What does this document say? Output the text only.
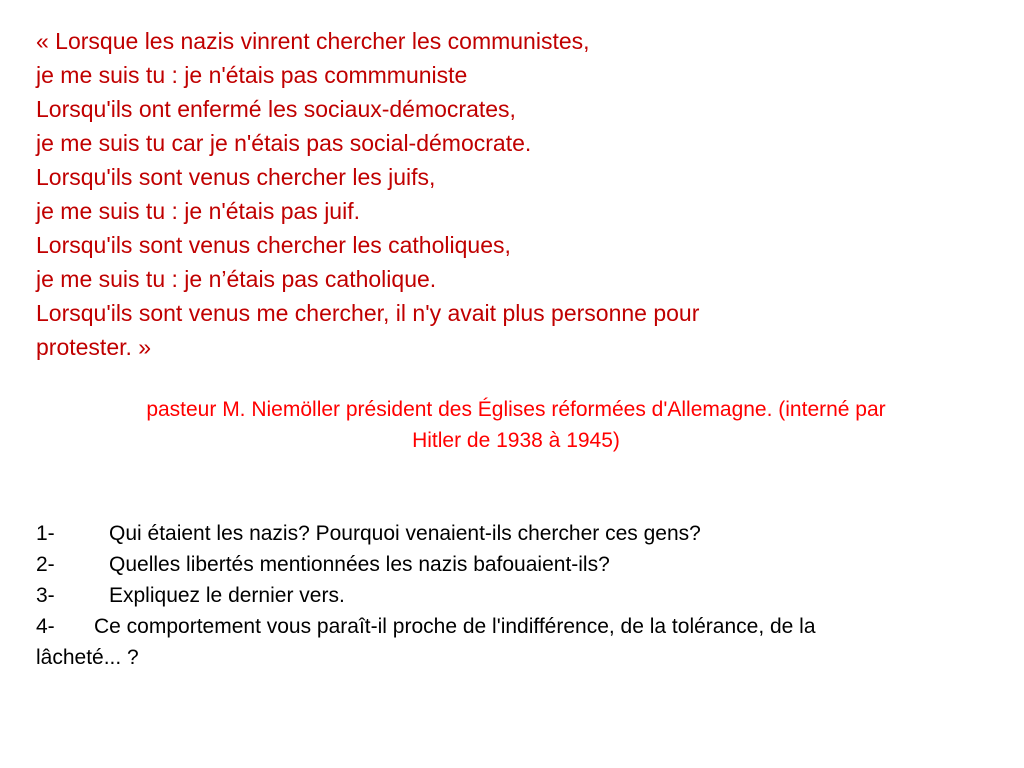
« Lorsque les nazis vinrent chercher les communistes,
je me suis tu : je n'étais pas commmuniste
Lorsqu'ils ont enfermé les sociaux-démocrates,
je me suis tu car je n'étais pas social-démocrate.
Lorsqu'ils sont venus chercher les juifs,
je me suis tu : je n'étais pas juif.
Lorsqu'ils sont venus chercher les catholiques,
je me suis tu : je n’étais pas catholique.
Lorsqu'ils sont venus me chercher, il n'y avait plus personne pour
protester. »
pasteur M. Niemöller président des Églises réformées d'Allemagne. (interné par
Hitler de 1938 à 1945)
1-	Qui étaient les nazis? Pourquoi venaient-ils chercher ces gens?
2-	Quelles libertés mentionnées les nazis bafouaient-ils?
3-	Expliquez le dernier vers.
4- Ce comportement vous paraît-il proche de l'indifférence, de la tolérance, de la
lâcheté... ?
